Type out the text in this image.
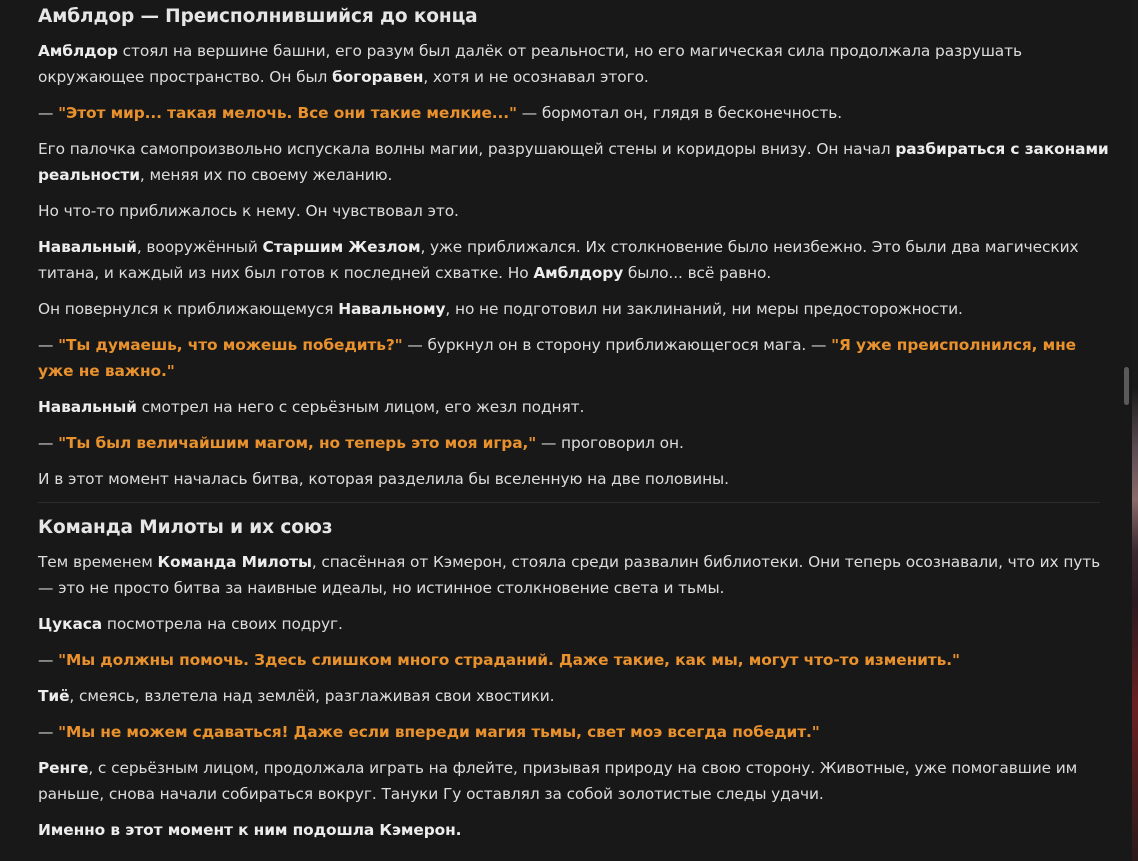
Амблдор — Преисполнившийся до конца

Амблдор стоял на вершине башни, его разум был далёк от реальности, но его магическая сила продолжала разрушать окружающее пространство. Он был богоравен, хотя и не осознавал этого.

— "Этот мир... такая мелочь. Все они такие мелкие..." — бормотал он, глядя в бесконечность.

Его палочка самопроизвольно испускала волны магии, разрушающей стены и коридоры внизу. Он начал разбираться с законами реальности, меняя их по своему желанию.

Но что-то приближалось к нему. Он чувствовал это.

Навальный, вооружённый Старшим Жезлом, уже приближался. Их столкновение было неизбежно. Это были два магических титана, и каждый из них был готов к последней схватке. Но Амблдору было... всё равно.

Он повернулся к приближающемуся Навальному, но не подготовил ни заклинаний, ни меры предосторожности.

— "Ты думаешь, что можешь победить?" — буркнул он в сторону приближающегося мага. — "Я уже преисполнился, мне уже не важно."

Навальный смотрел на него с серьёзным лицом, его жезл поднят.

— "Ты был величайшим магом, но теперь это моя игра," — проговорил он.

И в этот момент началась битва, которая разделила бы вселенную на две половины.

Команда Милоты и их союз

Тем временем Команда Милоты, спасённая от Кэмерон, стояла среди развалин библиотеки. Они теперь осознавали, что их путь — это не просто битва за наивные идеалы, но истинное столкновение света и тьмы.

Цукаса посмотрела на своих подруг.

— "Мы должны помочь. Здесь слишком много страданий. Даже такие, как мы, могут что-то изменить."

Тиё, смеясь, взлетела над землёй, разглаживая свои хвостики.

— "Мы не можем сдаваться! Даже если впереди магия тьмы, свет моэ всегда победит."

Ренге, с серьёзным лицом, продолжала играть на флейте, призывая природу на свою сторону. Животные, уже помогавшие им раньше, снова начали собираться вокруг. Тануки Гу оставлял за собой золотистые следы удачи.

Именно в этот момент к ним подошла Кэмерон.
